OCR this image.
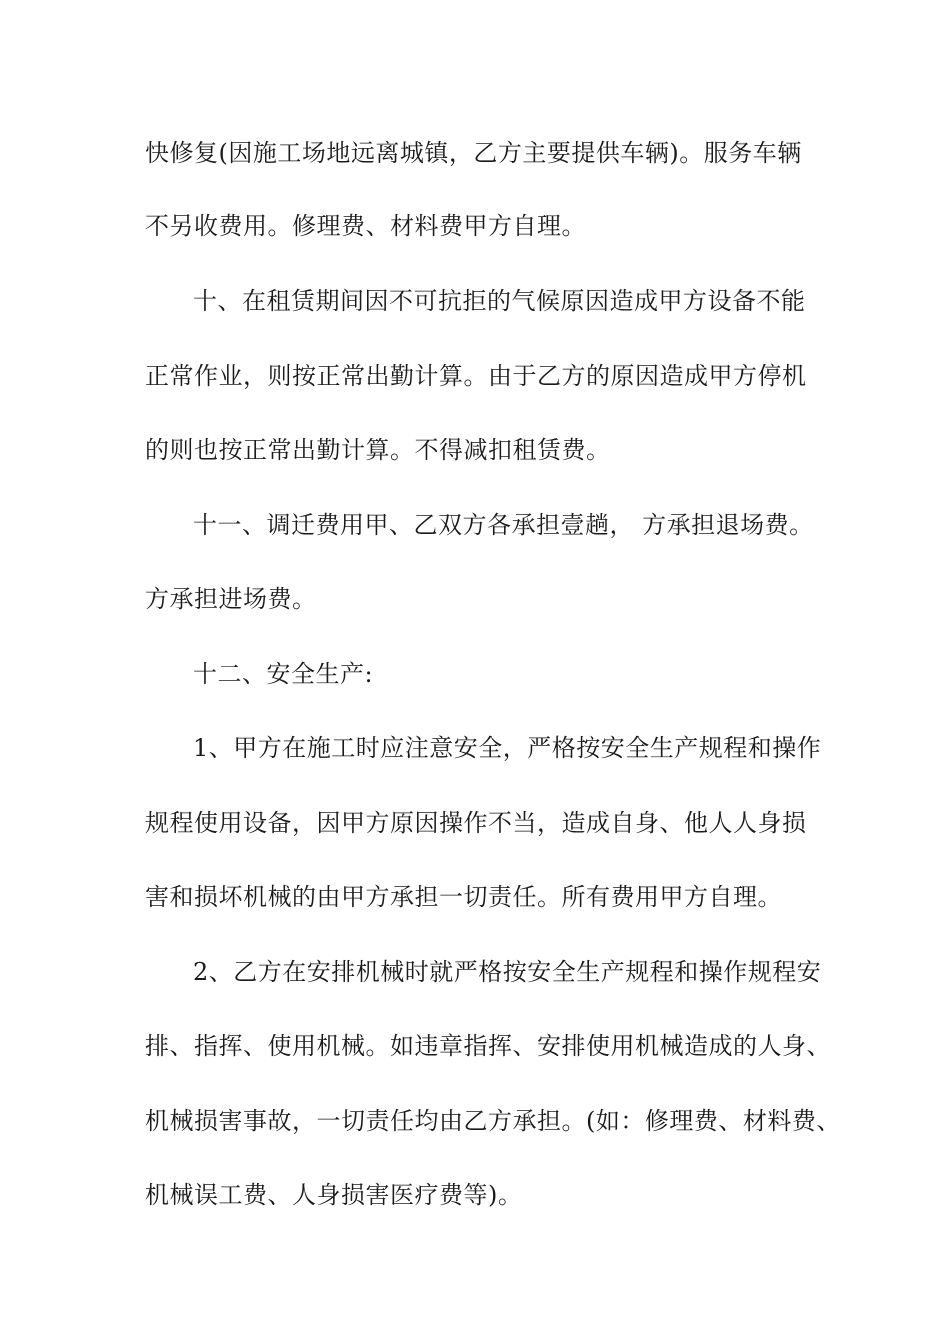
快修复(因施工场地远离城镇，乙方主要提供车辆)。服务车辆
不另收费用。修理费、材料费甲方自理。
十、在租赁期间因不可抗拒的气候原因造成甲方设备不能
正常作业，则按正常出勤计算。由于乙方的原因造成甲方停机
的则也按正常出勤计算。不得减扣租赁费。
十一、调迁费用甲、乙双方各承担壹趟， 方承担退场费。
方承担进场费。
十二、安全生产:
1、甲方在施工时应注意安全，严格按安全生产规程和操作
规程使用设备，因甲方原因操作不当，造成自身、他人人身损
害和损坏机械的由甲方承担一切责任。所有费用甲方自理。
2、乙方在安排机械时就严格按安全生产规程和操作规程安
排、指挥、使用机械。如违章指挥、安排使用机械造成的人身、
机械损害事故，一切责任均由乙方承担。(如：修理费、材料费、
机械误工费、人身损害医疗费等)。
